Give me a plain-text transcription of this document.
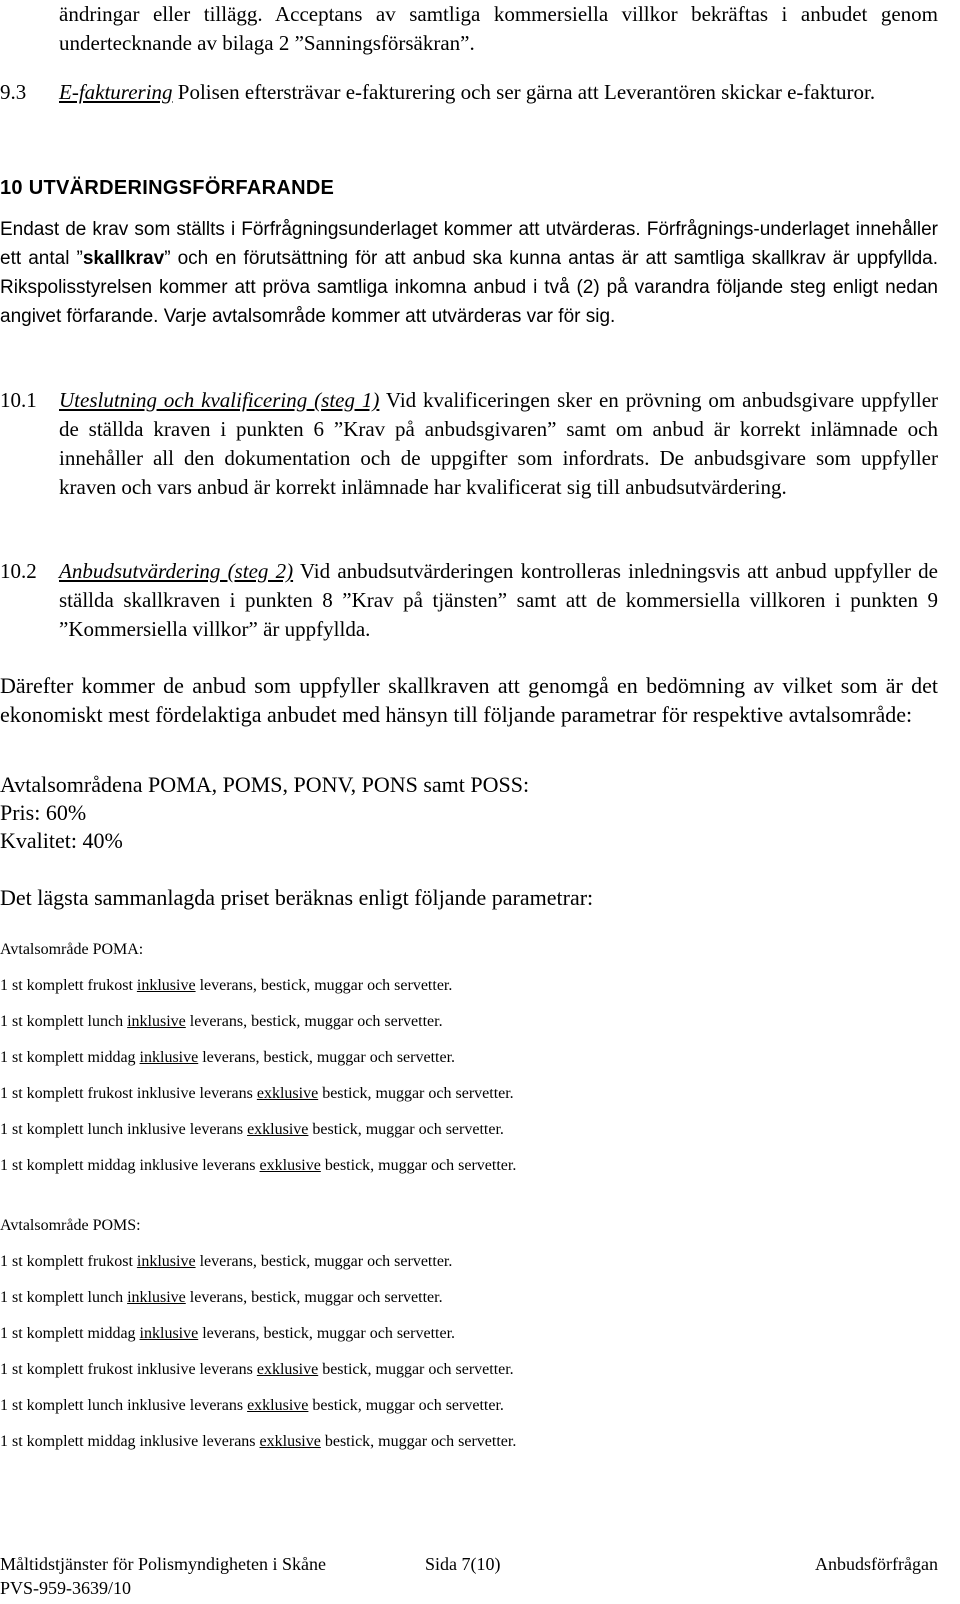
ändringar eller tillägg. Acceptans av samtliga kommersiella villkor bekräftas i anbudet genom undertecknande av bilaga 2 ”Sanningsförsäkran”.

9.3 E-fakturering Polisen eftersträvar e-fakturering och ser gärna att Leverantören skickar e-fakturor.

10 UTVÄRDERINGSFÖRFARANDE

Endast de krav som ställts i Förfrågningsunderlaget kommer att utvärderas. Förfrågnings-underlaget innehåller ett antal ”skallkrav” och en förutsättning för att anbud ska kunna antas är att samtliga skallkrav är uppfyllda. Rikspolisstyrelsen kommer att pröva samtliga inkomna anbud i två (2) på varandra följande steg enligt nedan angivet förfarande. Varje avtalsområde kommer att utvärderas var för sig.

10.1 Uteslutning och kvalificering (steg 1) Vid kvalificeringen sker en prövning om anbudsgivare uppfyller de ställda kraven i punkten 6 ”Krav på anbudsgivaren” samt om anbud är korrekt inlämnade och innehåller all den dokumentation och de uppgifter som infordrats. De anbudsgivare som uppfyller kraven och vars anbud är korrekt inlämnade har kvalificerat sig till anbudsutvärdering.

10.2 Anbudsutvärdering (steg 2) Vid anbudsutvärderingen kontrolleras inledningsvis att anbud uppfyller de ställda skallkraven i punkten 8 ”Krav på tjänsten” samt att de kommersiella villkoren i punkten 9 ”Kommersiella villkor” är uppfyllda.

Därefter kommer de anbud som uppfyller skallkraven att genomgå en bedömning av vilket som är det ekonomiskt mest fördelaktiga anbudet med hänsyn till följande parametrar för respektive avtalsområde:

Avtalsområdena POMA, POMS, PONV, PONS samt POSS:
Pris: 60%
Kvalitet: 40%
Det lägsta sammanlagda priset beräknas enligt följande parametrar:
Avtalsområde POMA:
1 st komplett frukost inklusive leverans, bestick, muggar och servetter.
1 st komplett lunch inklusive leverans, bestick, muggar och servetter.
1 st komplett middag inklusive leverans, bestick, muggar och servetter.
1 st komplett frukost inklusive leverans exklusive bestick, muggar och servetter.
1 st komplett lunch inklusive leverans exklusive bestick, muggar och servetter.
1 st komplett middag inklusive leverans exklusive bestick, muggar och servetter.
Avtalsområde POMS:
1 st komplett frukost inklusive leverans, bestick, muggar och servetter.
1 st komplett lunch inklusive leverans, bestick, muggar och servetter.
1 st komplett middag inklusive leverans, bestick, muggar och servetter.
1 st komplett frukost inklusive leverans exklusive bestick, muggar och servetter.
1 st komplett lunch inklusive leverans exklusive bestick, muggar och servetter.
1 st komplett middag inklusive leverans exklusive bestick, muggar och servetter.
Måltidstjänster för Polismyndigheten i Skåne	Sida 7(10)	Anbudsförfrågan
PVS-959-3639/10
